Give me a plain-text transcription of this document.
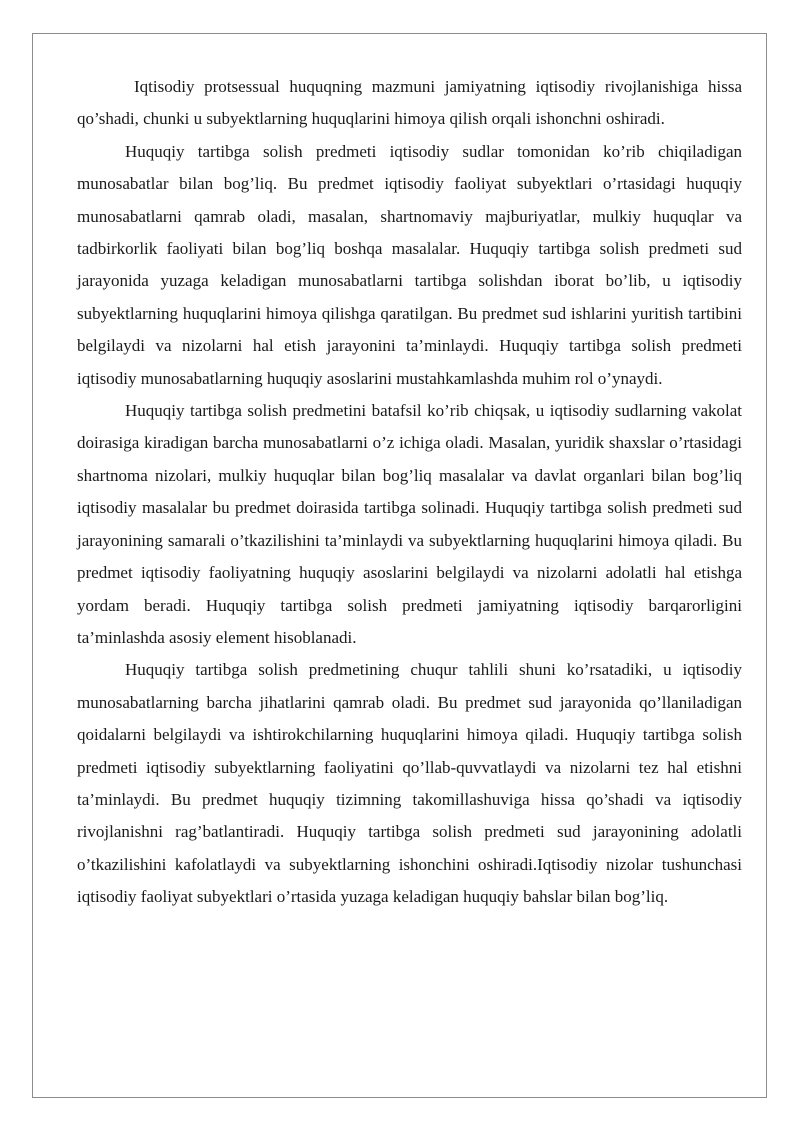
Iqtisodiy protsessual huquqning mazmuni jamiyatning iqtisodiy rivojlanishiga hissa qo’shadi, chunki u subyektlarning huquqlarini himoya qilish orqali ishonchni oshiradi.

Huquqiy tartibga solish predmeti iqtisodiy sudlar tomonidan ko’rib chiqiladigan munosabatlar bilan bog’liq. Bu predmet iqtisodiy faoliyat subyektlari o’rtasidagi huquqiy munosabatlarni qamrab oladi, masalan, shartnomaviy majburiyatlar, mulkiy huquqlar va tadbirkorlik faoliyati bilan bog’liq boshqa masalalar. Huquqiy tartibga solish predmeti sud jarayonida yuzaga keladigan munosabatlarni tartibga solishdan iborat bo’lib, u iqtisodiy subyektlarning huquqlarini himoya qilishga qaratilgan. Bu predmet sud ishlarini yuritish tartibini belgilaydi va nizolarni hal etish jarayonini ta’minlaydi. Huquqiy tartibga solish predmeti iqtisodiy munosabatlarning huquqiy asoslarini mustahkamlashda muhim rol o’ynaydi.

Huquqiy tartibga solish predmetini batafsil ko’rib chiqsak, u iqtisodiy sudlarning vakolat doirasiga kiradigan barcha munosabatlarni o’z ichiga oladi. Masalan, yuridik shaxslar o’rtasidagi shartnoma nizolari, mulkiy huquqlar bilan bog’liq masalalar va davlat organlari bilan bog’liq iqtisodiy masalalar bu predmet doirasida tartibga solinadi. Huquqiy tartibga solish predmeti sud jarayonining samarali o’tkazilishini ta’minlaydi va subyektlarning huquqlarini himoya qiladi. Bu predmet iqtisodiy faoliyatning huquqiy asoslarini belgilaydi va nizolarni adolatli hal etishga yordam beradi. Huquqiy tartibga solish predmeti jamiyatning iqtisodiy barqarorligini ta’minlashda asosiy element hisoblanadi.

Huquqiy tartibga solish predmetining chuqur tahlili shuni ko’rsatadiki, u iqtisodiy munosabatlarning barcha jihatlarini qamrab oladi. Bu predmet sud jarayonida qo’llaniladigan qoidalarni belgilaydi va ishtirokchilarning huquqlarini himoya qiladi. Huquqiy tartibga solish predmeti iqtisodiy subyektlarning faoliyatini qo’llab-quvvatlaydi va nizolarni tez hal etishni ta’minlaydi. Bu predmet huquqiy tizimning takomillashuviga hissa qo’shadi va iqtisodiy rivojlanishni rag’batlantiradi. Huquqiy tartibga solish predmeti sud jarayonining adolatli o’tkazilishini kafolatlaydi va subyektlarning ishonchini oshiradi.Iqtisodiy nizolar tushunchasi iqtisodiy faoliyat subyektlari o’rtasida yuzaga keladigan huquqiy bahslar bilan bog’liq.
